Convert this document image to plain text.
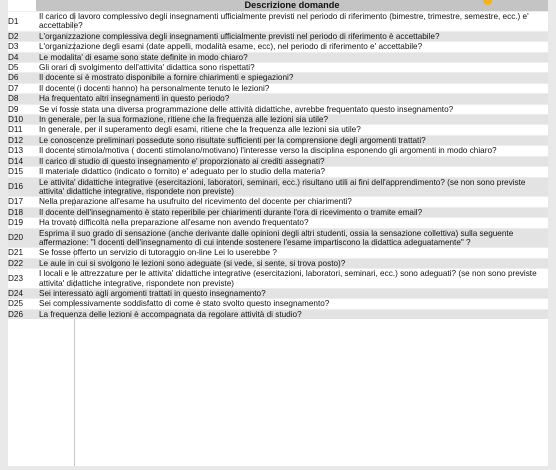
	Descrizione domande
D1	Il carico di lavoro complessivo degli insegnamenti ufficialmente previsti nel periodo di riferimento (bimestre, trimestre, semestre, ecc.) e' accettabile?
D2	L'organizzazione complessiva degli insegnamenti ufficialmente previsti nel periodo di riferimento è accettabile?
D3	L'organizzazione degli esami (date appelli, modalità esame, ecc), nel periodo di riferimento e' accettabile?
D4	Le modalita' di esame sono state definite in modo chiaro?
D5	Gli orari di svolgimento dell'attivita' didattica sono rispettati?
D6	Il docente si è mostrato disponibile a fornire chiarimenti e spiegazioni?
D7	Il docente (i docenti hanno) ha personalmente tenuto le lezioni?
D8	Ha frequentato altri insegnamenti in questo periodo?
D9	Se vi fosse stata una diversa programmazione delle attività didattiche, avrebbe frequentato questo insegnamento?
D10	In generale, per la sua formazione, ritiene che la frequenza alle lezioni sia utile?
D11	In generale, per il superamento degli esami, ritiene che la frequenza alle lezioni sia utile?
D12	Le conoscenze preliminari possedute sono risultate sufficienti per la comprensione degli argomenti trattati?
D13	Il docente stimola/motiva ( docenti stimolano/motivano) l'interesse verso la disciplina esponendo gli argomenti in modo chiaro?
D14	Il carico di studio di questo insegnamento e' proporzionato ai crediti assegnati?
D15	Il materiale didattico (indicato o fornito) e' adeguato per lo studio della materia?
D16	Le attivita' didattiche integrative (esercitazioni, laboratori, seminari, ecc.) risultano utili ai fini dell'apprendimento? (se non sono previste attivita' didattiche integrative, rispondete non previste)
D17	Nella preparazione all'esame ha usufruito del ricevimento del docente per chiarimenti?
D18	Il docente dell'insegnamento è stato reperibile per chiarimenti durante l'ora di ricevimento o tramite email?
D19	Ha trovato difficoltà nella preparazione all'esame non avendo frequentato?
D20	Esprima il suo grado di sensazione (anche derivante dalle opinioni degli altri studenti, ossia la sensazione collettiva) sulla seguente affermazione: "I docenti dell'insegnamento di cui intende sostenere l'esame impartiscono la didattica adeguatamente" ?
D21	Se fosse offerto un servizio di tutoraggio on-line Lei lo userebbe ?
D22	Le aule in cui si svolgono le lezioni sono adeguate (si vede, si sente, si trova posto)?
D23	I locali e le attrezzature per le attivita' didattiche integrative (esercitazioni, laboratori, seminari, ecc.) sono adeguati? (se non sono previste attivita' didattiche integrative, rispondete non previste)
D24	Sei interessato agli argomenti trattati in questo insegnamento?
D25	Sei complessivamente soddisfatto di come è stato svolto questo insegnamento?
D26	La frequenza delle lezioni è accompagnata da regolare attività di studio?
